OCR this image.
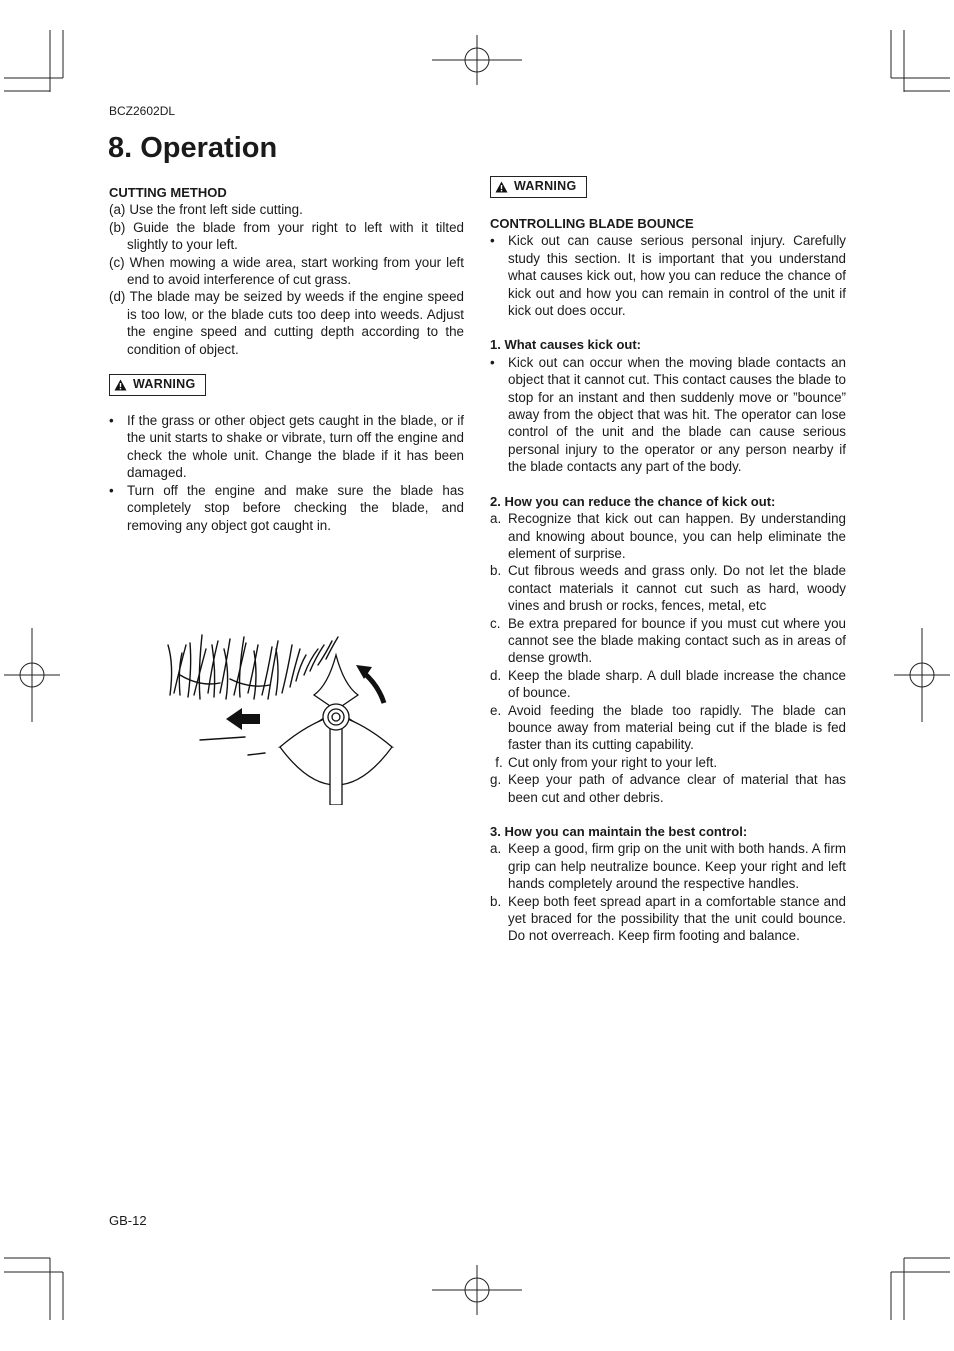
BCZ2602DL
8. Operation

CUTTING METHOD

(a) Use the front left side cutting.
(b) Guide the blade from your right to left with it tilted slightly to your left.
(c) When mowing a wide area, start working from your left end to avoid interference of cut grass.
(d) The blade may be seized by weeds if the engine speed is too low, or the blade cuts too deep into weeds. Adjust the engine speed and cutting depth according to the condition of object.
WARNING
• If the grass or other object gets caught in the blade, or if the unit starts to shake or vibrate, turn off the engine and check the whole unit. Change the blade if it has been damaged.
• Turn off the engine and make sure the blade has completely stop before checking the blade, and removing any object got caught in.
WARNING

CONTROLLING BLADE BOUNCE

• Kick out can cause serious personal injury. Carefully study this section. It is important that you understand what causes kick out, how you can reduce the chance of kick out and how you can remain in control of the unit if kick out does occur.

1. What causes kick out:

• Kick out can occur when the moving blade contacts an object that it cannot cut. This contact causes the blade to stop for an instant and then suddenly move or ”bounce” away from the object that was hit. The operator can lose control of the unit and the blade can cause serious personal injury to the operator or any person nearby if the blade contacts any part of the body.

2. How you can reduce the chance of kick out:

a. Recognize that kick out can happen. By understanding and knowing about bounce, you can help eliminate the element of surprise.
b. Cut fibrous weeds and grass only. Do not let the blade contact materials it cannot cut such as hard, woody vines and brush or rocks, fences, metal, etc
c. Be extra prepared for bounce if you must cut where you cannot see the blade making contact such as in areas of dense growth.
d. Keep the blade sharp. A dull blade increase the chance of bounce.
e. Avoid feeding the blade too rapidly. The blade can bounce away from material being cut if the blade is fed faster than its cutting capability.
f. Cut only from your right to your left.
g. Keep your path of advance clear of material that has been cut and other debris.

3. How you can maintain the best control:

a. Keep a good, firm grip on the unit with both hands. A firm grip can help neutralize bounce. Keep your right and left hands completely around the respective handles.
b. Keep both feet spread apart in a comfortable stance and yet braced for the possibility that the unit could bounce. Do not overreach. Keep firm footing and balance.
GB-12
